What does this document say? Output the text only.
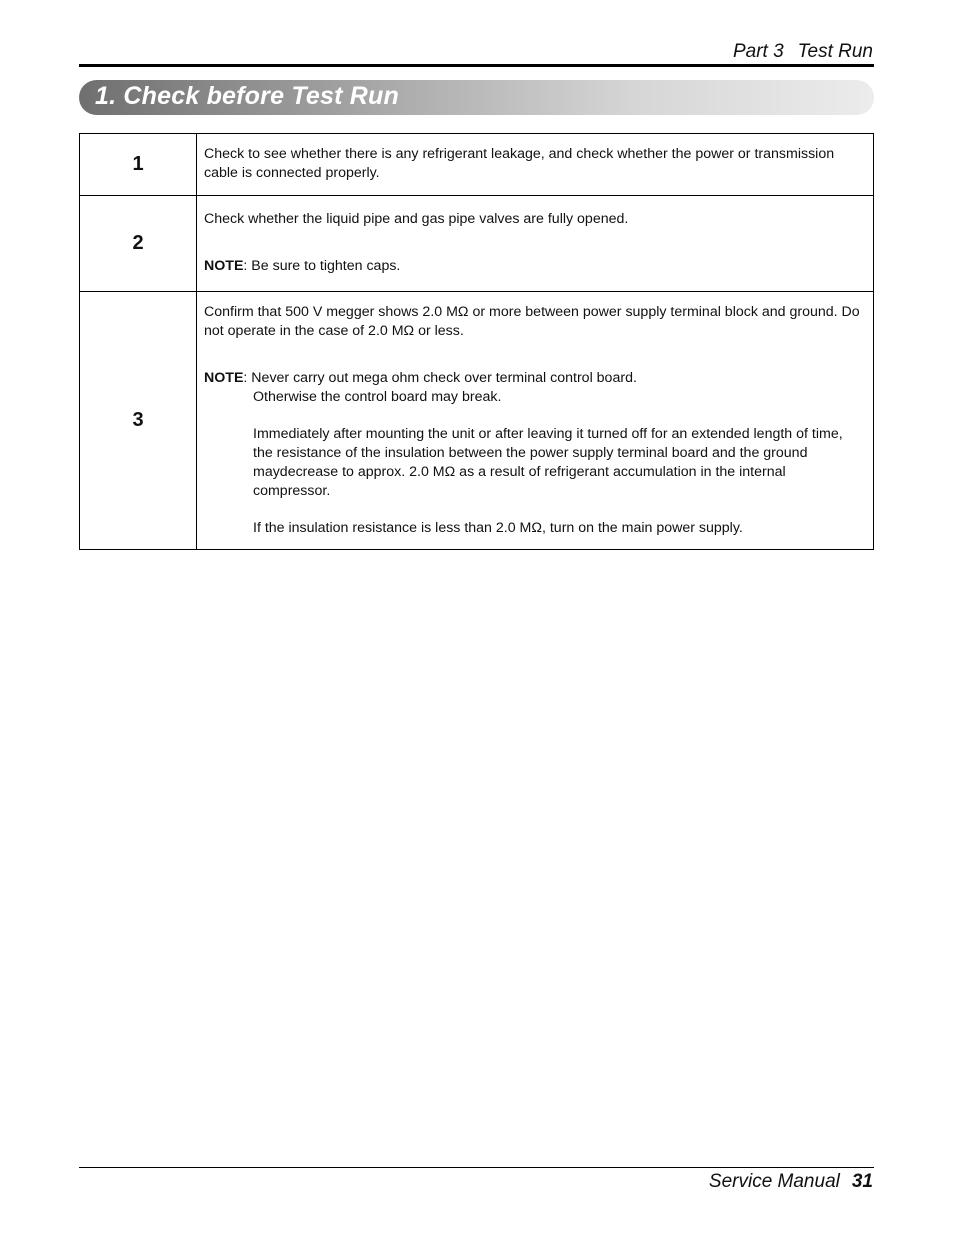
Part 3 Test Run
1. Check before Test Run
1	Check to see whether there is any refrigerant leakage, and check whether the power or transmission cable is connected properly.

2	Check whether the liquid pipe and gas pipe valves are fully opened.

NOTE: Be sure to tighten caps.

3	Confirm that 500 V megger shows 2.0 MΩ or more between power supply terminal block and ground. Do not operate in the case of 2.0 MΩ or less.

NOTE: Never carry out mega ohm check over terminal control board.

Otherwise the control board may break.

Immediately after mounting the unit or after leaving it turned off for an extended length of time, the resistance of the insulation between the power supply terminal board and the ground maydecrease to approx. 2.0 MΩ as a result of refrigerant accumulation in the internal compressor.

If the insulation resistance is less than 2.0 MΩ, turn on the main power supply.

Service Manual 31
